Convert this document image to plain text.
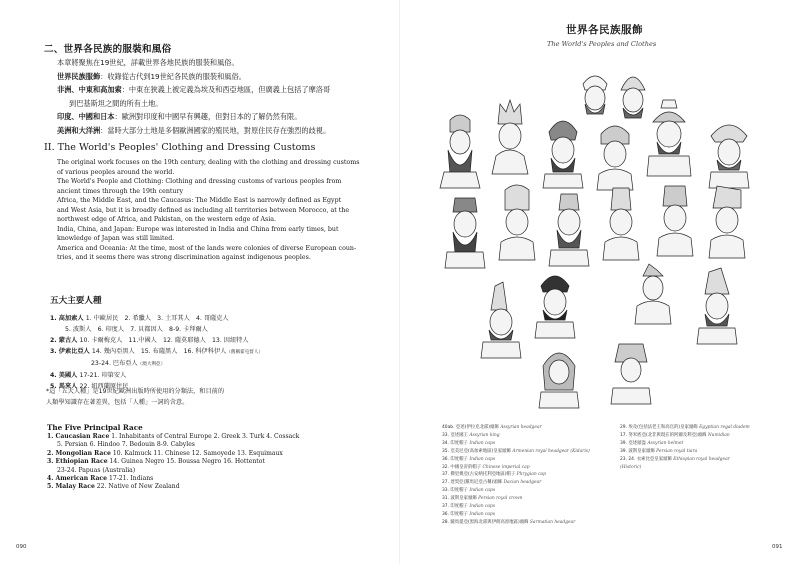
二、世界各民族的服裝和風俗
本章將聚焦在19世紀，詳載世界各地民族的服裝和風俗。
世界民族服飾：收錄從古代到19世紀各民族的服裝和風俗。
非洲、中東和高加索：中東在狹義上被定義為埃及和西亞地區，但廣義上包括了摩洛哥
到巴基斯坦之間的所有土地。
印度、中國和日本：歐洲對印度和中國早有興趣，但對日本的了解仍然有限。
美洲和大洋洲：當時大部分土地是多個歐洲國家的殖民地，對原住民存在強烈的歧視。
II. The World's Peoples' Clothing and Dressing Customs
The original work focuses on the 19th century, dealing with the clothing and dressing customs
of various peoples around the world.
The World's People and Clothing: Clothing and dressing customs of various peoples from
ancient times through the 19th century
Africa, the Middle East, and the Caucasus: The Middle East is narrowly defined as Egypt
and West Asia, but it is broadly defined as including all territories between Morocco, at the
northwest edge of Africa, and Pakistan, on the western edge of Asia.
India, China, and Japan: Europe was interested in India and China from early times, but
knowledge of Japan was still limited.
America and Oceania: At the time, most of the lands were colonies of diverse European coun-
tries, and it seems there was strong discrimination against indigenous peoples.
五大主要人種
1. 高加索人 1. 中歐居民　2. 希臘人　3. 土耳其人　4. 哥薩克人
5. 波斯人　6. 印度人　7. 貝都因人　8-9. 卡拜爾人
2. 蒙古人 10. 卡爾梅克人　11.中國人　12. 薩莫耶德人　13. 因紐特人
3. 伊索比亞人 14. 幾內亞黑人　15. 布薩黑人　16. 科伊科伊人（舊稱霍屯督人）
23-24. 巴布亞人（澳大利亞）
4. 美國人 17-21. 印第安人
5. 馬來人 22. 紐西蘭原住民
*這「五大人種」是19世紀歐洲出版時所使用的分類法，和目前的
人類學知識存在著差異，包括「人種」一詞的含意。
The Five Principal Race
1. Caucasian Race 1. Inhabitants of Central Europe 2. Greek 3. Turk 4. Cossack
5. Persian 6. Hindoo 7. Bedouin 8-9. Cabyles
2. Mongolian Race 10. Kalmuck 11. Chinese 12. Samoyede 13. Esquimaux
3. Ethiopian Race 14. Guinea Negro 15. Boussa Negro 16. Hottentot
23-24. Papuas (Australia)
4. American Race 17-21. Indians
5. Malay Race 22. Native of New Zealand
090
世界各民族服飾
The World's Peoples and Clothes
40ab. 亞述(伊拉克北部)頭飾 Assyrian headgear
33. 亞述國王 Assyrian king
34. 印度帽子 Indian caps
35. 亞美尼亞(高加索地區)皇家頭飾 Armenian royal headgear (Kidaris)
36. 印度帽子 Indian caps
32. 中國皇帝的帽子 Chinese imperial cap
37. 佛里幾亞(古安納托利亞地區)帽子 Phrygian cap
27. 達契亞(羅馬尼亞古稱)頭飾 Dacian headgear
33. 印度帽子 Indian caps
31. 波斯皇家頭飾 Persian royal crown
37. 印度帽子 Indian caps
36. 印度帽子 Indian caps
28. 薩馬提亞(黑海北部與伊朗高原地區)頭飾 Sarmatian headgear
29. 埃及(包括法老王和高官的)皇家頭飾 Egyptian regal diadem
17. 努米底亞(北非與現在的阿爾及利亞)頭飾 Numidian
39. 亞述頭盔 Assyrian helmet
39. 波斯皇家頭飾 Persian royal tiara
23. 24. 衣索比亞皇家頭飾 Ethiopian royal headgear
(Historic)
091
